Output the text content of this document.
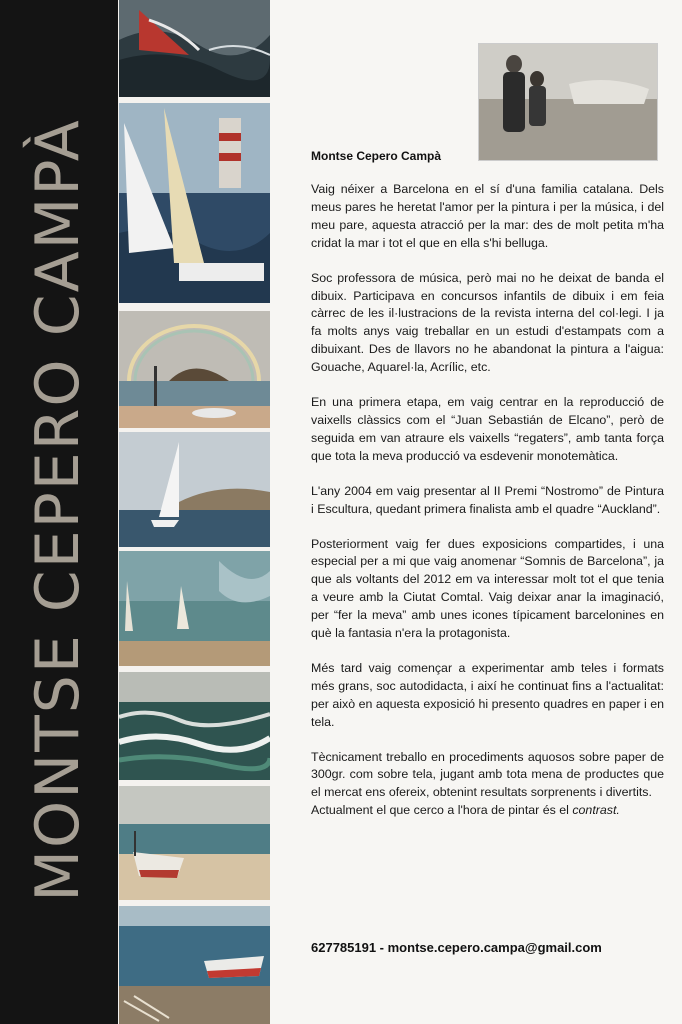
MONTSE CEPERO CAMPÀ	Montse Cepero Campà

Vaig néixer a Barcelona en el sí d'una familia catalana. Dels meus pares he heretat l'amor per la pintura i per la música, i del meu pare, aquesta atracció per la mar: des de molt petita m'ha cridat la mar i tot el que en ella s'hi belluga.

Soc professora de música, però mai no he deixat de banda el dibuix. Participava en concursos infantils de dibuix i em feia càrrec de les il·lustracions de la revista interna del col·legi. I ja fa molts anys vaig treballar en un estudi d'estampats com a dibuixant. Des de llavors no he abandonat la pintura a l'aigua: Gouache, Aquarel·la, Acrílic, etc.

En una primera etapa, em vaig centrar en la reproducció de vaixells clàssics com el “Juan Sebastián de Elcano”, però de seguida em van atraure els vaixells “regaters”, amb tanta força que tota la meva producció va esdevenir monotemàtica.

L'any 2004 em vaig presentar al II Premi “Nostromo” de Pintura i Escultura, quedant primera finalista amb el quadre “Auckland”.

Posteriorment vaig fer dues exposicions compartides, i una especial per a mi que vaig anomenar “Somnis de Barcelona”, ja que als voltants del 2012 em va interessar molt tot el que tenia a veure amb la Ciutat Comtal. Vaig deixar anar la imaginació, per “fer la meva” amb unes icones típicament barcelonines en què la fantasia n'era la protagonista.

Més tard vaig començar a experimentar amb teles i formats més grans, soc autodidacta, i així he continuat fins a l'actualitat: per això en aquesta exposició hi presento quadres en paper i en tela.

Tècnicament treballo en procediments aquosos sobre paper de 300gr. com sobre tela, jugant amb tota mena de productes que el mercat ens ofereix, obtenint resultats sorprenents i divertits.

Actualment el que cerco a l'hora de pintar és el contrast.

627785191 - montse.cepero.campa@gmail.com
